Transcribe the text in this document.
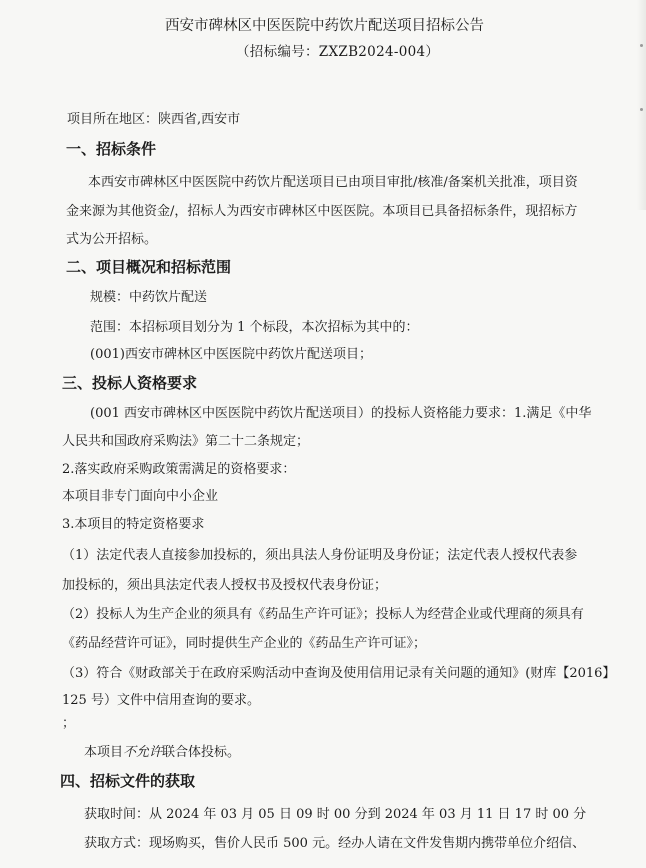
西安市碑林区中医医院中药饮片配送项目招标公告
（招标编号：ZXZB2024-004）
项目所在地区：陕西省,西安市
一、招标条件
本西安市碑林区中医医院中药饮片配送项目已由项目审批/核准/备案机关批准，项目资
金来源为其他资金/，招标人为西安市碑林区中医医院。本项目已具备招标条件，现招标方
式为公开招标。
二、项目概况和招标范围
规模：中药饮片配送
范围：本招标项目划分为 1 个标段，本次招标为其中的：
(001)西安市碑林区中医医院中药饮片配送项目；
三、投标人资格要求
(001 西安市碑林区中医医院中药饮片配送项目）的投标人资格能力要求：1.满足《中华
人民共和国政府采购法》第二十二条规定；
2.落实政府采购政策需满足的资格要求：
本项目非专门面向中小企业
3.本项目的特定资格要求
（1）法定代表人直接参加投标的，须出具法人身份证明及身份证；法定代表人授权代表参
加投标的，须出具法定代表人授权书及授权代表身份证；
（2）投标人为生产企业的须具有《药品生产许可证》；投标人为经营企业或代理商的须具有
《药品经营许可证》，同时提供生产企业的《药品生产许可证》；
（3）符合《财政部关于在政府采购活动中查询及使用信用记录有关问题的通知》(财库【2016】
125 号）文件中信用查询的要求。
；
本项目不允许联合体投标。
四、招标文件的获取
获取时间：从 2024 年 03 月 05 日 09 时 00 分到 2024 年 03 月 11 日 17 时 00 分
获取方式：现场购买，售价人民币 500 元。经办人请在文件发售期内携带单位介绍信、
